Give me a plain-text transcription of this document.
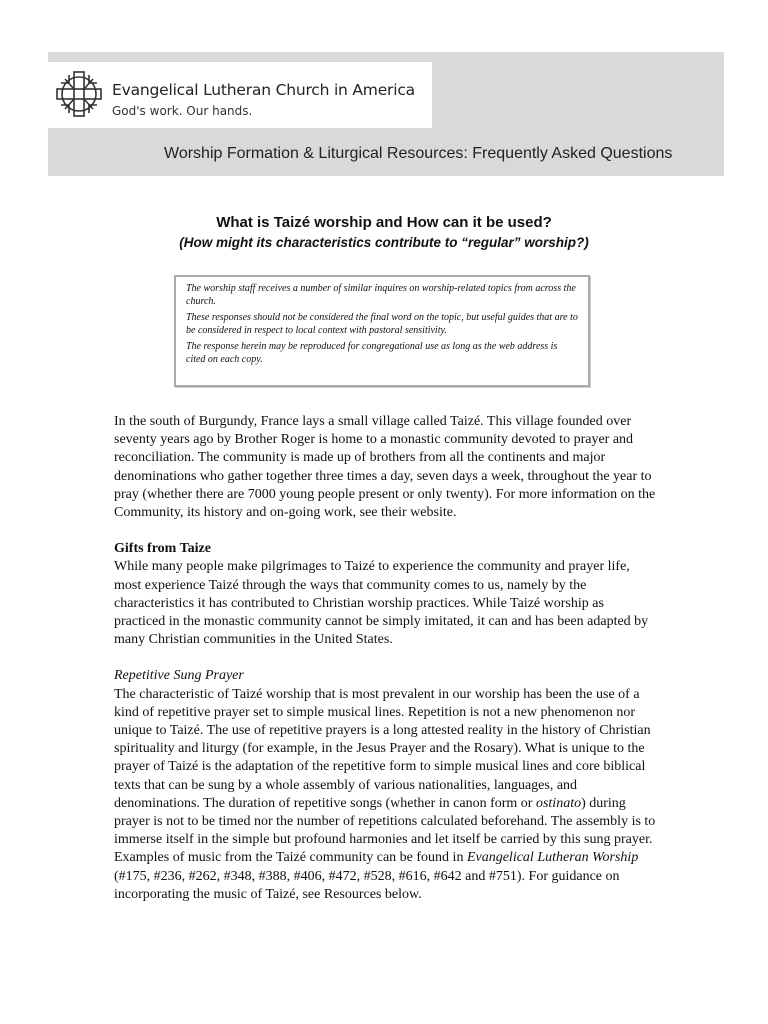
Evangelical Lutheran Church in America
God's work. Our hands.
Worship Formation & Liturgical Resources: Frequently Asked Questions
What is Taizé worship and How can it be used?
(How might its characteristics contribute to “regular” worship?)

The worship staff receives a number of similar inquires on worship-related topics from across the church.

These responses should not be considered the final word on the topic, but useful guides that are to be considered in respect to local context with pastoral sensitivity.

The response herein may be reproduced for congregational use as long as the web address is cited on each copy.

In the south of Burgundy, France lays a small village called Taizé. This village founded over seventy years ago by Brother Roger is home to a monastic community devoted to prayer and reconciliation. The community is made up of brothers from all the continents and major denominations who gather together three times a day, seven days a week, throughout the year to pray (whether there are 7000 young people present or only twenty). For more information on the Community, its history and on-going work, see their website.

Gifts from Taize

While many people make pilgrimages to Taizé to experience the community and prayer life, most experience Taizé through the ways that community comes to us, namely by the characteristics it has contributed to Christian worship practices. While Taizé worship as practiced in the monastic community cannot be simply imitated, it can and has been adapted by many Christian communities in the United States.

Repetitive Sung Prayer

The characteristic of Taizé worship that is most prevalent in our worship has been the use of a kind of repetitive prayer set to simple musical lines. Repetition is not a new phenomenon nor unique to Taizé. The use of repetitive prayers is a long attested reality in the history of Christian spirituality and liturgy (for example, in the Jesus Prayer and the Rosary). What is unique to the prayer of Taizé is the adaptation of the repetitive form to simple musical lines and core biblical texts that can be sung by a whole assembly of various nationalities, languages, and denominations. The duration of repetitive songs (whether in canon form or ostinato) during prayer is not to be timed nor the number of repetitions calculated beforehand. The assembly is to immerse itself in the simple but profound harmonies and let itself be carried by this sung prayer. Examples of music from the Taizé community can be found in Evangelical Lutheran Worship (#175, #236, #262, #348, #388, #406, #472, #528, #616, #642 and #751). For guidance on incorporating the music of Taizé, see Resources below.
